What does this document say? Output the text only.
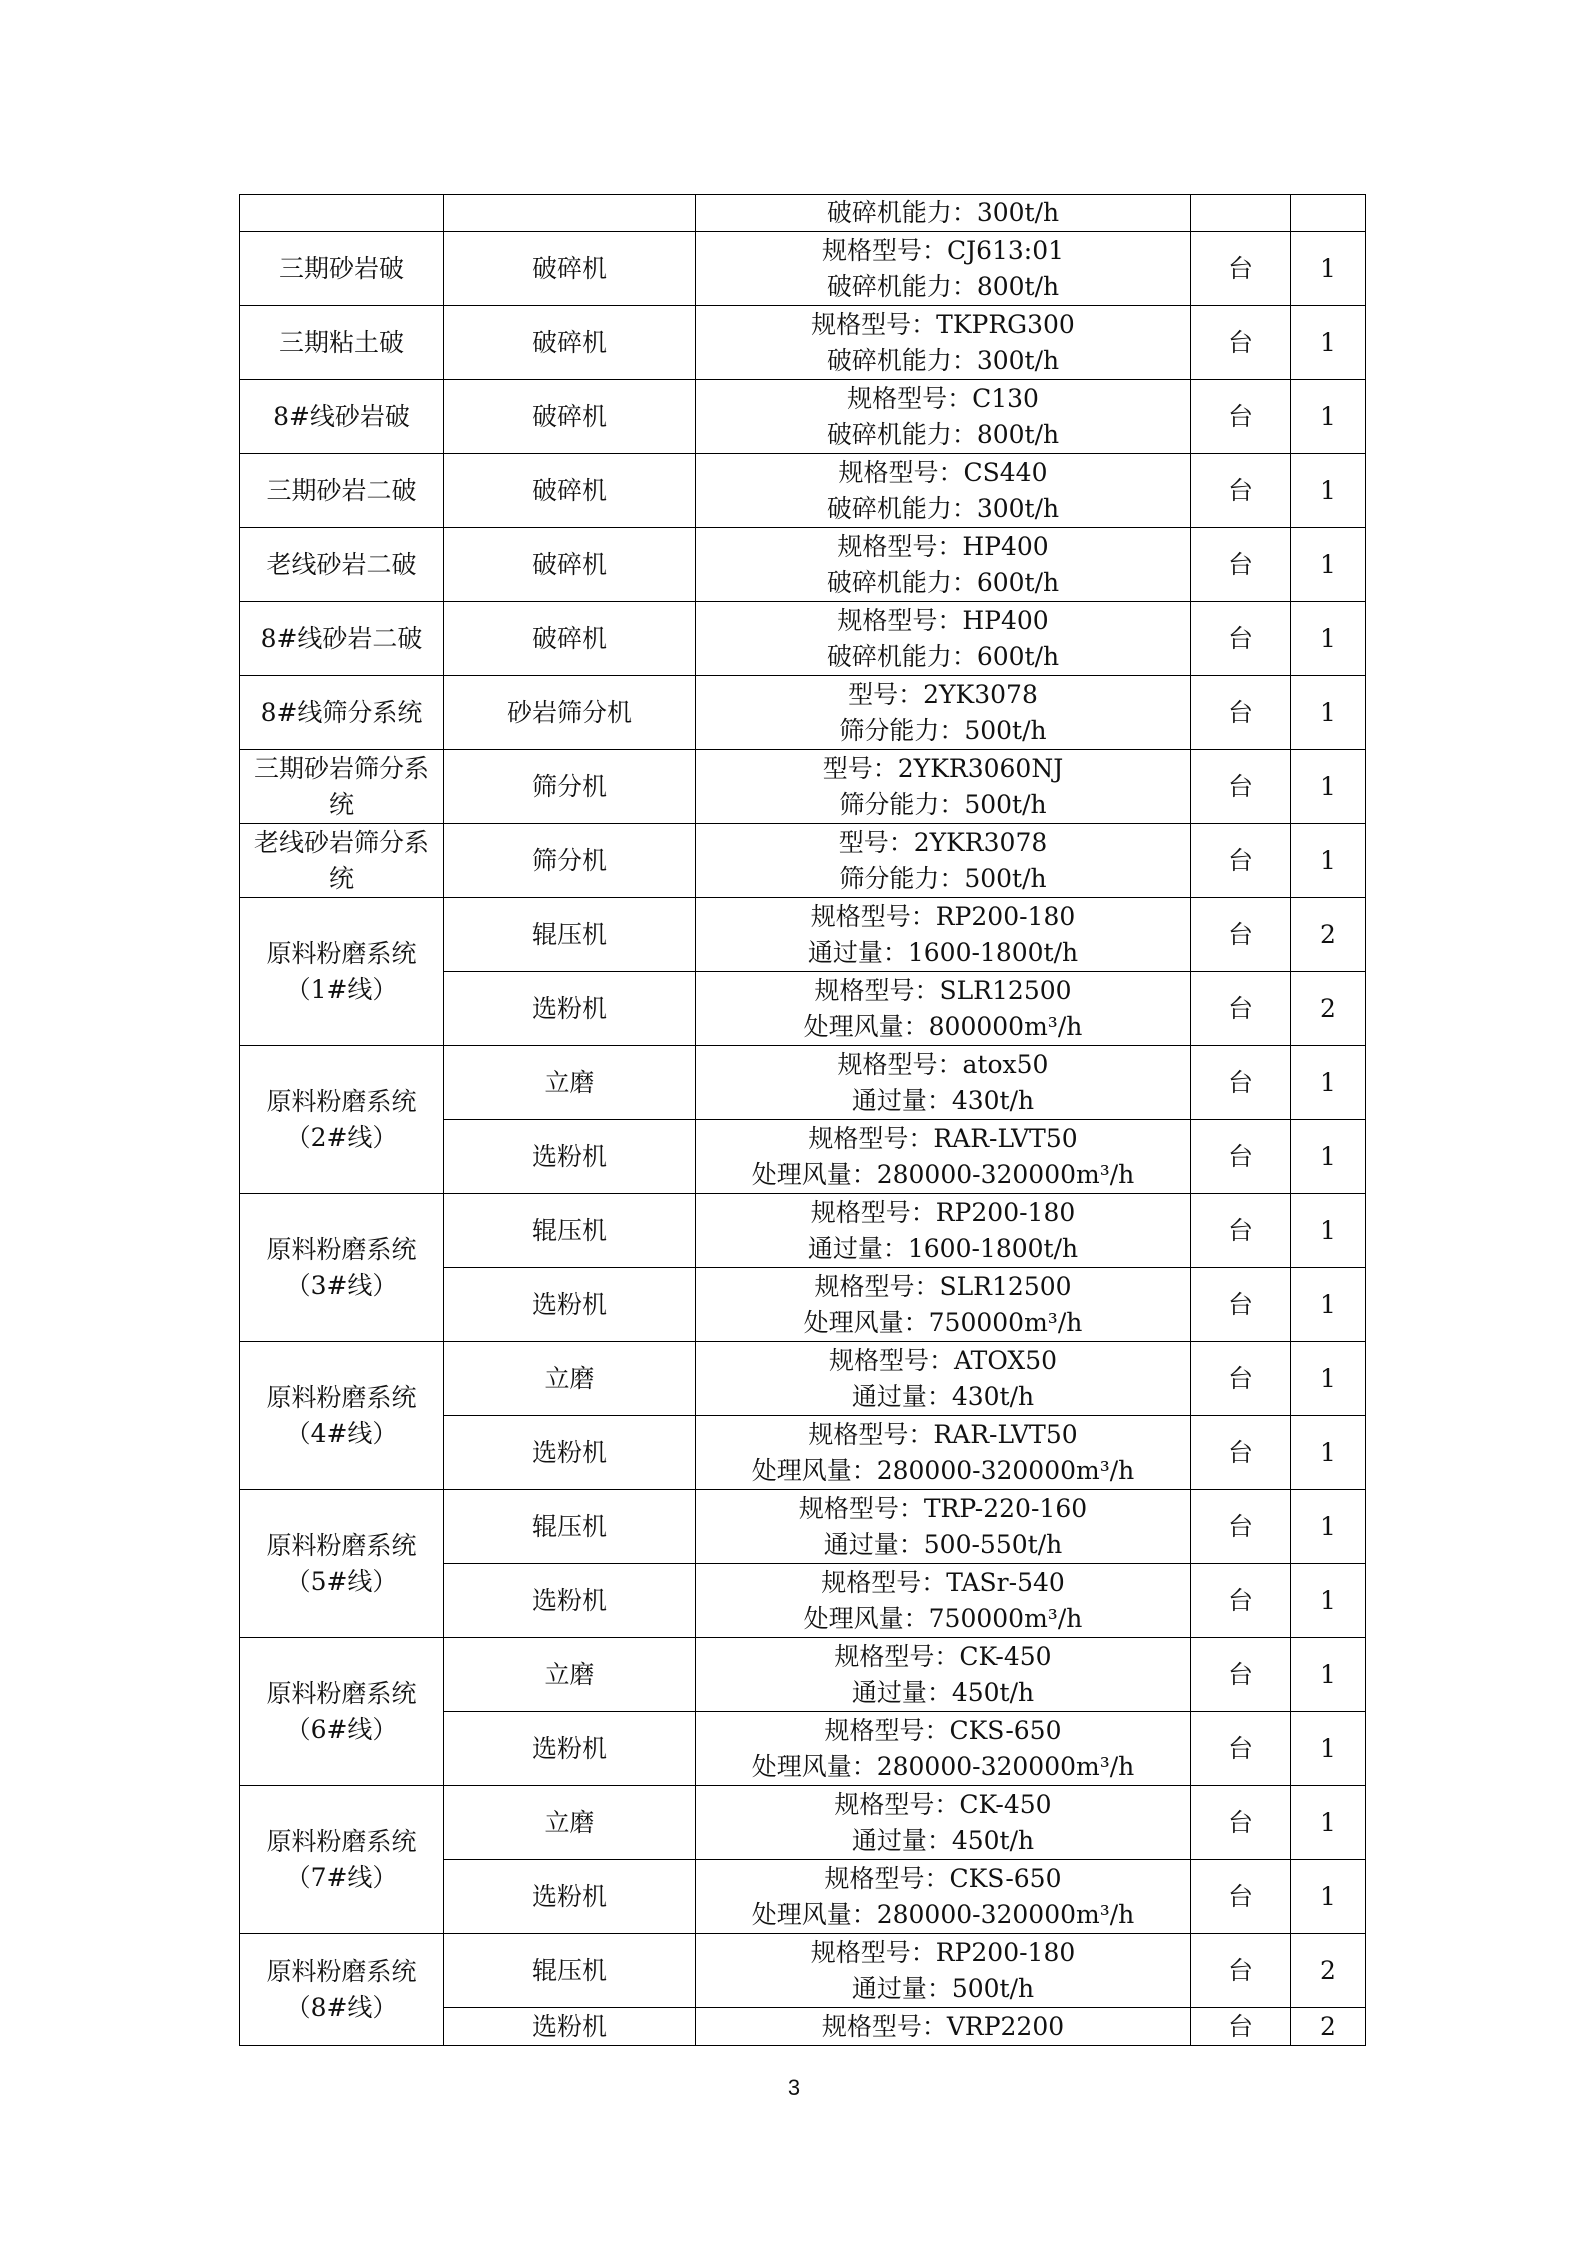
		破碎机能力：300t/h		

三期砂岩破	破碎机	规格型号：CJ613:01
破碎机能力：800t/h	台	1
三期粘土破	破碎机	规格型号：TKPRG300
破碎机能力：300t/h	台	1
8#线砂岩破	破碎机	规格型号：C130
破碎机能力：800t/h	台	1
三期砂岩二破	破碎机	规格型号：CS440
破碎机能力：300t/h	台	1
老线砂岩二破	破碎机	规格型号：HP400
破碎机能力：600t/h	台	1
8#线砂岩二破	破碎机	规格型号：HP400
破碎机能力：600t/h	台	1
8#线筛分系统	砂岩筛分机	型号：2YK3078
筛分能力：500t/h	台	1
三期砂岩筛分系统	筛分机	型号：2YKR3060NJ
筛分能力：500t/h	台	1
老线砂岩筛分系统	筛分机	型号：2YKR3078
筛分能力：500t/h	台	1
原料粉磨系统（1#线）	辊压机	规格型号：RP200-180
通过量：1600-1800t/h	台	2
	选粉机	规格型号：SLR12500
处理风量：800000m³/h	台	2
原料粉磨系统（2#线）	立磨	规格型号：atox50
通过量：430t/h	台	1
	选粉机	规格型号：RAR-LVT50
处理风量：280000-320000m³/h	台	1
原料粉磨系统（3#线）	辊压机	规格型号：RP200-180
通过量：1600-1800t/h	台	1
	选粉机	规格型号：SLR12500
处理风量：750000m³/h	台	1
原料粉磨系统（4#线）	立磨	规格型号：ATOX50
通过量：430t/h	台	1
	选粉机	规格型号：RAR-LVT50
处理风量：280000-320000m³/h	台	1
原料粉磨系统（5#线）	辊压机	规格型号：TRP-220-160
通过量：500-550t/h	台	1
	选粉机	规格型号：TASr-540
处理风量：750000m³/h	台	1
原料粉磨系统（6#线）	立磨	规格型号：CK-450
通过量：450t/h	台	1
	选粉机	规格型号：CKS-650
处理风量：280000-320000m³/h	台	1
原料粉磨系统（7#线）	立磨	规格型号：CK-450
通过量：450t/h	台	1
	选粉机	规格型号：CKS-650
处理风量：280000-320000m³/h	台	1
原料粉磨系统（8#线）	辊压机	规格型号：RP200-180
通过量：500t/h	台	2
	选粉机	规格型号：VRP2200	台	2
3
